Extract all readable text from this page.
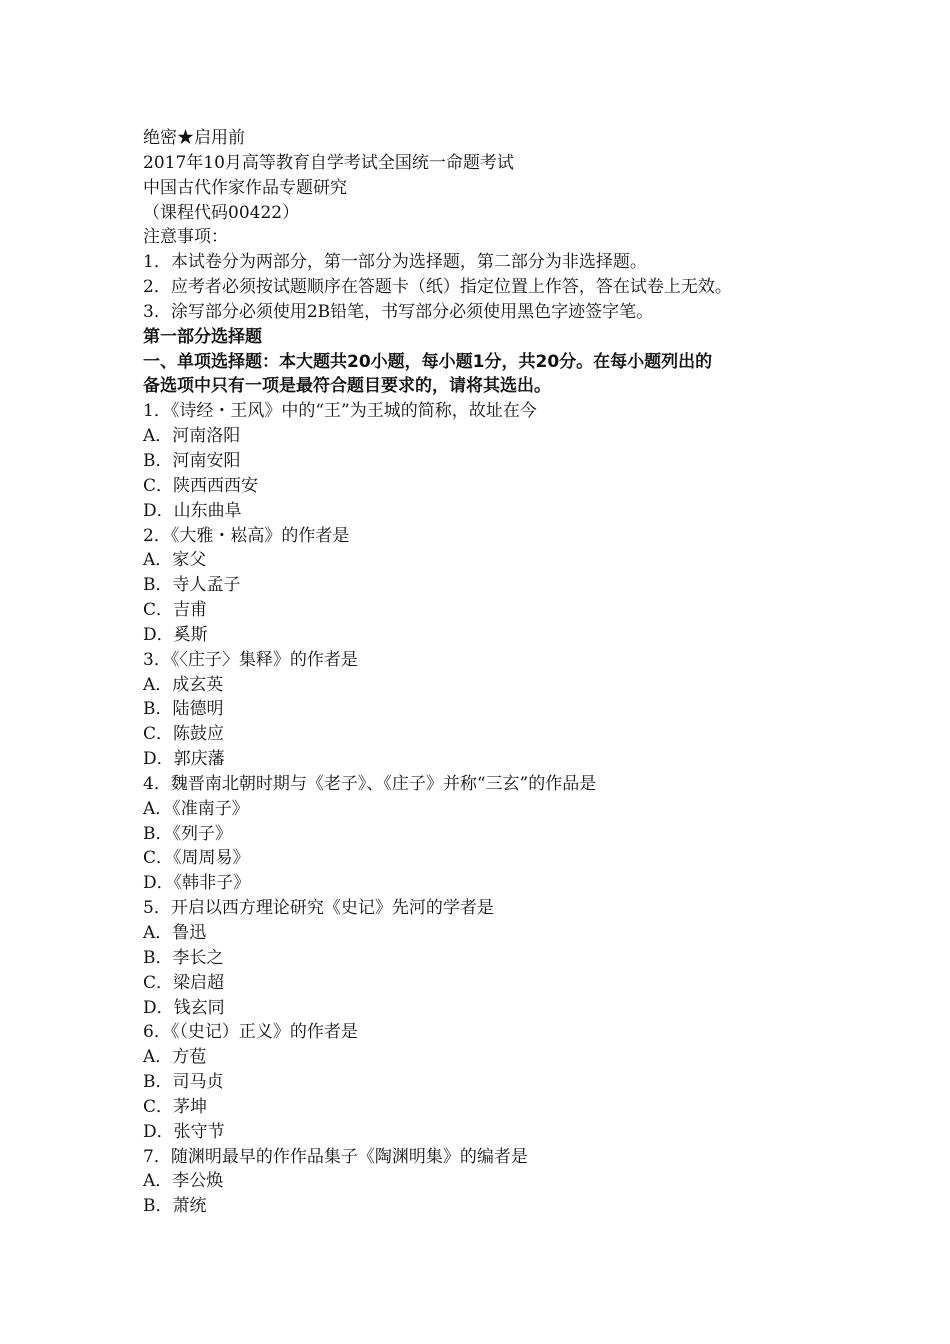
绝密★启用前
2017年10月高等教育自学考试全国统一命题考试
中国古代作家作品专题研究
（课程代码00422）
注意事项：
1．本试卷分为两部分，第一部分为选择题，第二部分为非选择题。
2．应考者必须按试题顺序在答题卡（纸）指定位置上作答，答在试卷上无效。
3．涂写部分必须使用2B铅笔，书写部分必须使用黑色字迹签字笔。
第一部分选择题
一、单项选择题：本大题共20小题，每小题1分，共20分。在每小题列出的
备选项中只有一项是最符合题目要求的，请将其选出。
1．《诗经・王风》中的“王”为王城的简称，故址在今
A．河南洛阳
B．河南安阳
C．陕西西西安
D．山东曲阜
2．《大雅・崧高》的作者是
A．家父
B．寺人孟子
C．吉甫
D．奚斯
3．《〈庄子〉集释》的作者是
A．成玄英
B．陆德明
C．陈鼓应
D．郭庆藩
4．魏晋南北朝时期与《老子》、《庄子》并称“三玄”的作品是
A．《准南子》
B．《列子》
C．《周周易》
D．《韩非子》
5．开启以西方理论研究《史记》先河的学者是
A．鲁迅
B．李长之
C．梁启超
D．钱玄同
6．《（史记）正义》的作者是
A．方苞
B．司马贞
C．茅坤
D．张守节
7．随渊明最早的作作品集子《陶渊明集》的编者是
A．李公焕
B．萧统
